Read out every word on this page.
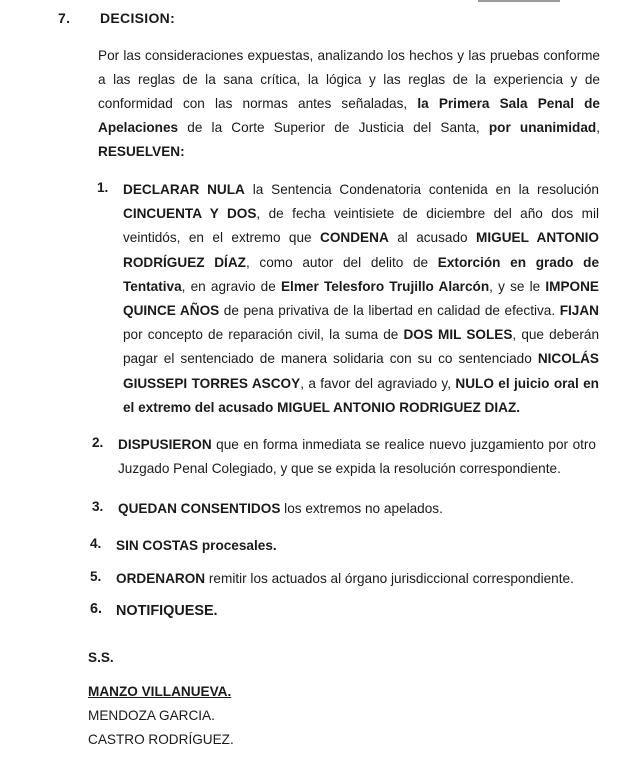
7. DECISION:
Por las consideraciones expuestas, analizando los hechos y las pruebas conforme a las reglas de la sana crítica, la lógica y las reglas de la experiencia y de conformidad con las normas antes señaladas, la Primera Sala Penal de Apelaciones de la Corte Superior de Justicia del Santa, por unanimidad, RESUELVEN:
1. DECLARAR NULA la Sentencia Condenatoria contenida en la resolución CINCUENTA Y DOS, de fecha veintisiete de diciembre del año dos mil veintidós, en el extremo que CONDENA al acusado MIGUEL ANTONIO RODRÍGUEZ DÍAZ, como autor del delito de Extorción en grado de Tentativa, en agravio de Elmer Telesforo Trujillo Alarcón, y se le IMPONE QUINCE AÑOS de pena privativa de la libertad en calidad de efectiva. FIJAN por concepto de reparación civil, la suma de DOS MIL SOLES, que deberán pagar el sentenciado de manera solidaria con su co sentenciado NICOLÁS GIUSSEPI TORRES ASCOY, a favor del agraviado y, NULO el juicio oral en el extremo del acusado MIGUEL ANTONIO RODRIGUEZ DIAZ.
2. DISPUSIERON que en forma inmediata se realice nuevo juzgamiento por otro Juzgado Penal Colegiado, y que se expida la resolución correspondiente.
3. QUEDAN CONSENTIDOS los extremos no apelados.
4. SIN COSTAS procesales.
5. ORDENARON remitir los actuados al órgano jurisdiccional correspondiente.
6. NOTIFIQUESE.
S.S.
MANZO VILLANUEVA.
MENDOZA GARCIA.
CASTRO RODRÍGUEZ.
